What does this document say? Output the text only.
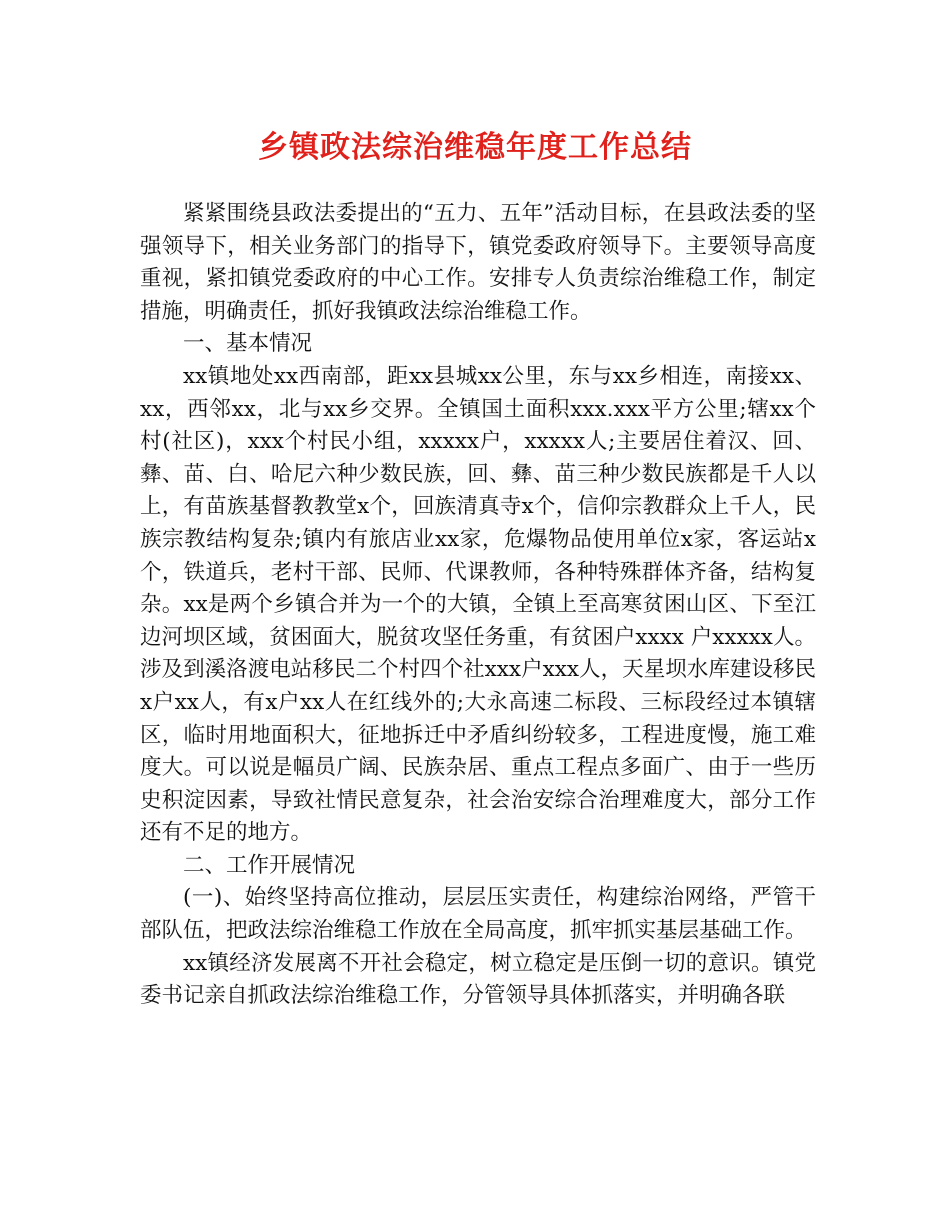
乡镇政法综治维稳年度工作总结

紧紧围绕县政法委提出的“五力、五年”活动目标，在县政法委的坚强领导下，相关业务部门的指导下，镇党委政府领导下。主要领导高度重视，紧扣镇党委政府的中心工作。安排专人负责综治维稳工作，制定措施，明确责任，抓好我镇政法综治维稳工作。

一、基本情况

xx镇地处xx西南部，距xx县城xx公里，东与xx乡相连，南接xx、xx，西邻xx，北与xx乡交界。全镇国土面积xxx.xxx平方公里;辖xx个村(社区)，xxx个村民小组，xxxxx户，xxxxx人;主要居住着汉、回、彝、苗、白、哈尼六种少数民族，回、彝、苗三种少数民族都是千人以上，有苗族基督教教堂x个，回族清真寺x个，信仰宗教群众上千人，民族宗教结构复杂;镇内有旅店业xx家，危爆物品使用单位x家，客运站x个，铁道兵，老村干部、民师、代课教师，各种特殊群体齐备，结构复杂。xx是两个乡镇合并为一个的大镇，全镇上至高寒贫困山区、下至江边河坝区域，贫困面大，脱贫攻坚任务重，有贫困户xxxx 户xxxxx人。涉及到溪洛渡电站移民二个村四个社xxx户xxx人，天星坝水库建设移民x户xx人，有x户xx人在红线外的;大永高速二标段、三标段经过本镇辖区，临时用地面积大，征地拆迁中矛盾纠纷较多，工程进度慢，施工难度大。可以说是幅员广阔、民族杂居、重点工程点多面广、由于一些历史积淀因素，导致社情民意复杂，社会治安综合治理难度大，部分工作还有不足的地方。

二、工作开展情况

(一)、始终坚持高位推动，层层压实责任，构建综治网络，严管干部队伍，把政法综治维稳工作放在全局高度，抓牢抓实基层基础工作。

xx镇经济发展离不开社会稳定，树立稳定是压倒一切的意识。镇党委书记亲自抓政法综治维稳工作，分管领导具体抓落实，并明确各联
